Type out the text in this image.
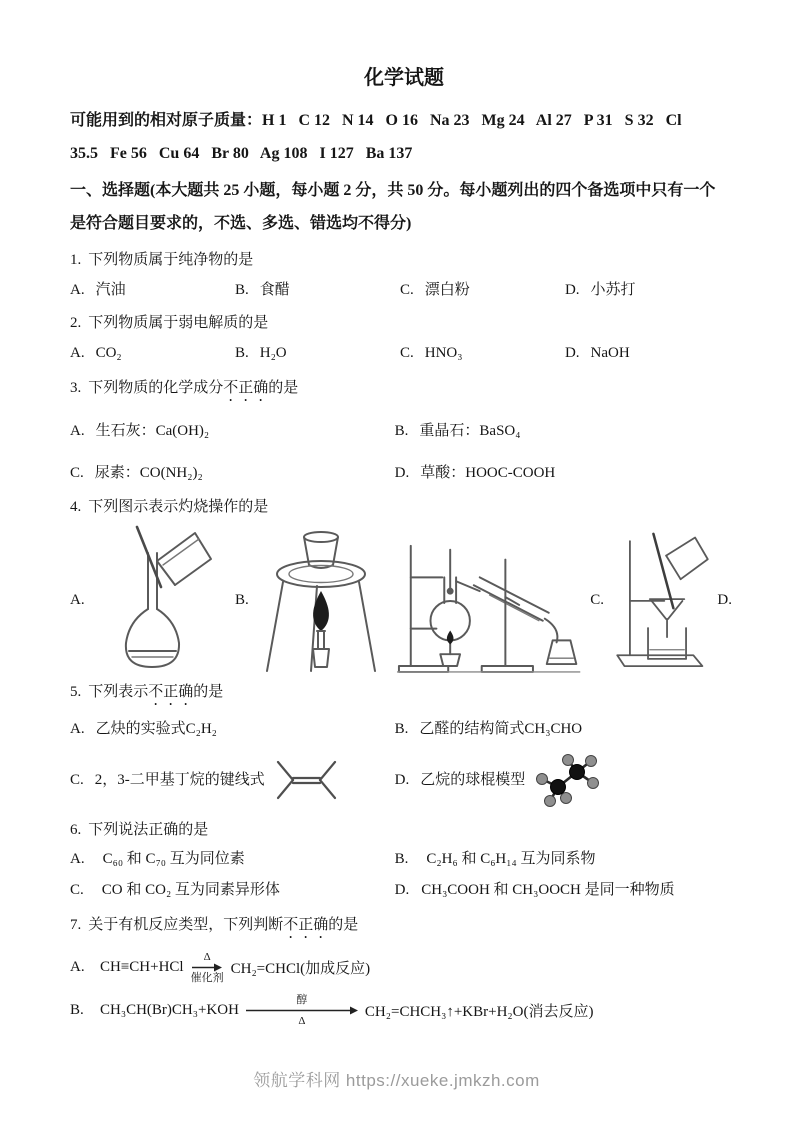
化学试题
可能用到的相对原子质量：H 1   C 12   N 14   O 16   Na 23   Mg 24   Al 27   P 31   S 32   Cl
35.5   Fe 56   Cu 64   Br 80   Ag 108   I 127   Ba 137
一、选择题(本大题共 25 小题，每小题 2 分，共 50 分。每小题列出的四个备选项中只有一个
是符合题目要求的，不选、多选、错选均不得分)
1. 下列物质属于纯净物的是
A. 汽油	B. 食醋	C. 漂白粉	D. 小苏打
2. 下列物质属于弱电解质的是
A. CO₂	B. H₂O	C. HNO₃	D. NaOH
3. 下列物质的化学成分不正确的是
A. 生石灰：Ca(OH)₂	B. 重晶石：BaSO₄
C. 尿素：CO(NH₂)₂	D. 草酸：HOOC-COOH
4. 下列图示表示灼烧操作的是
A.	B.	C.	D.
5. 下列表示不正确的是
A. 乙炔的实验式C₂H₂	B. 乙醛的结构简式CH₃CHO
C. 2，3-二甲基丁烷的键线式	D. 乙烷的球棍模型
6. 下列说法正确的是
A. C₆₀ 和 C₇₀ 互为同位素	B. C₂H₆ 和 C₆H₁₄ 互为同系物
C. CO 和 CO₂ 互为同素异形体	D. CH₃COOH 和 CH₃OOCH 是同一种物质
7. 关于有机反应类型，下列判断不正确的是
A.	CH≡CH+HCl
Δ
催化剂
CH₂=CHCl(加成反应)
B.	CH₃CH(Br)CH₃+KOH
醇
Δ
CH₂=CHCH₃↑+KBr+H₂O(消去反应)
领航学科网 https://xueke.jmkzh.com
